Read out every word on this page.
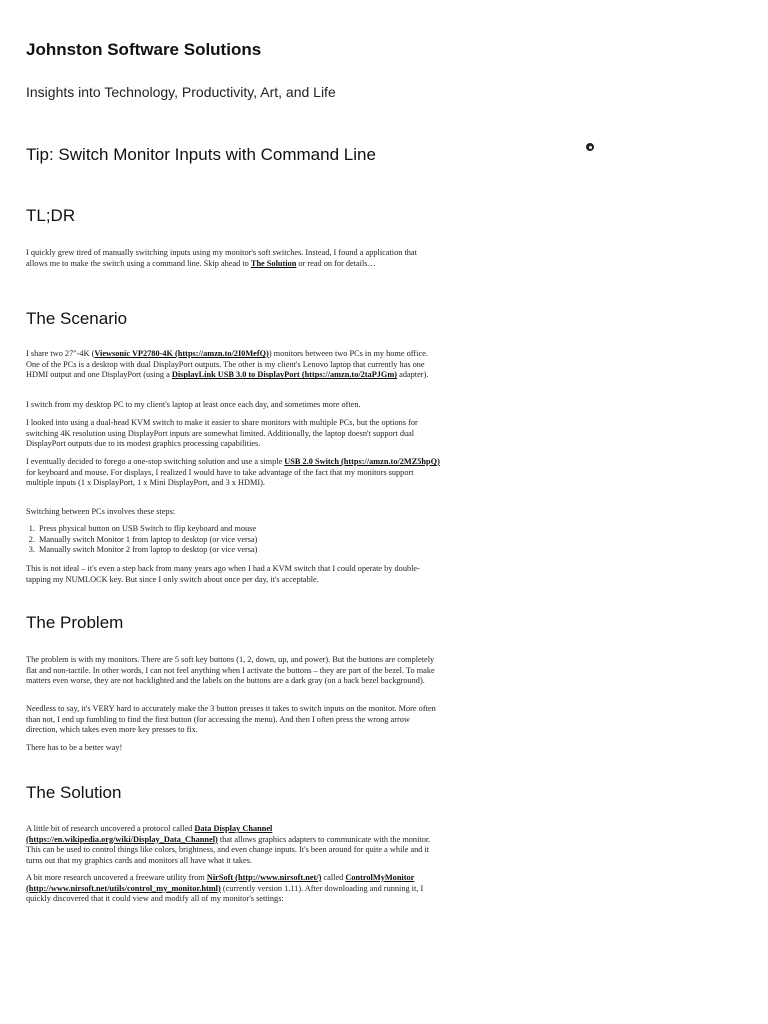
Johnston Software Solutions

Insights into Technology, Productivity, Art, and Life

Tip: Switch Monitor Inputs with Command Line
TL;DR

I quickly grew tired of manually switching inputs using my monitor's soft switches. Instead, I found a application that allows me to make the switch using a command line. Skip ahead to The Solution or read on for details…

The Scenario

I share two 27"-4K (Viewsonic VP2780-4K (https://amzn.to/2I0MefQ)) monitors between two PCs in my home office. One of the PCs is a desktop with dual DisplayPort outputs. The other is my client's Lenovo laptop that currently has one HDMI output and one DisplayPort (using a DisplayLink USB 3.0 to DisplayPort (https://amzn.to/2taPJGm) adapter).

I switch from my desktop PC to my client's laptop at least once each day, and sometimes more often.

I looked into using a dual-head KVM switch to make it easier to share monitors with multiple PCs, but the options for switching 4K resolution using DisplayPort inputs are somewhat limited. Additionally, the laptop doesn't support dual DisplayPort outputs due to its modest graphics processing capabilities.

I eventually decided to forego a one-stop switching solution and use a simple USB 2.0 Switch (https://amzn.to/2MZ5hpQ) for keyboard and mouse. For displays, I realized I would have to take advantage of the fact that my monitors support multiple inputs (1 x DisplayPort, 1 x Mini DisplayPort, and 3 x HDMI).

Switching between PCs involves these steps:

1. Press physical button on USB Switch to flip keyboard and mouse
2. Manually switch Monitor 1 from laptop to desktop (or vice versa)
3. Manually switch Monitor 2 from laptop to desktop (or vice versa)

This is not ideal – it's even a step back from many years ago when I had a KVM switch that I could operate by double-tapping my NUMLOCK key. But since I only switch about once per day, it's acceptable.

The Problem

The problem is with my monitors. There are 5 soft key buttons (1, 2, down, up, and power). But the buttons are completely flat and non-tactile. In other words, I can not feel anything when I activate the buttons – they are part of the bezel. To make matters even worse, they are not backlighted and the labels on the buttons are a dark gray (on a back bezel background).

Needless to say, it's VERY hard to accurately make the 3 button presses it takes to switch inputs on the monitor. More often than not, I end up fumbling to find the first button (for accessing the menu). And then I often press the wrong arrow direction, which takes even more key presses to fix.

There has to be a better way!

The Solution

A little bit of research uncovered a protocol called Data Display Channel (https://en.wikipedia.org/wiki/Display_Data_Channel) that allows graphics adapters to communicate with the monitor. This can be used to control things like colors, brightness, and even change inputs. It's been around for quite a while and it turns out that my graphics cards and monitors all have what it takes.

A bit more research uncovered a freeware utility from NirSoft (http://www.nirsoft.net/) called ControlMyMonitor (http://www.nirsoft.net/utils/control_my_monitor.html) (currently version 1.11). After downloading and running it, I quickly discovered that it could view and modify all of my monitor's settings:
